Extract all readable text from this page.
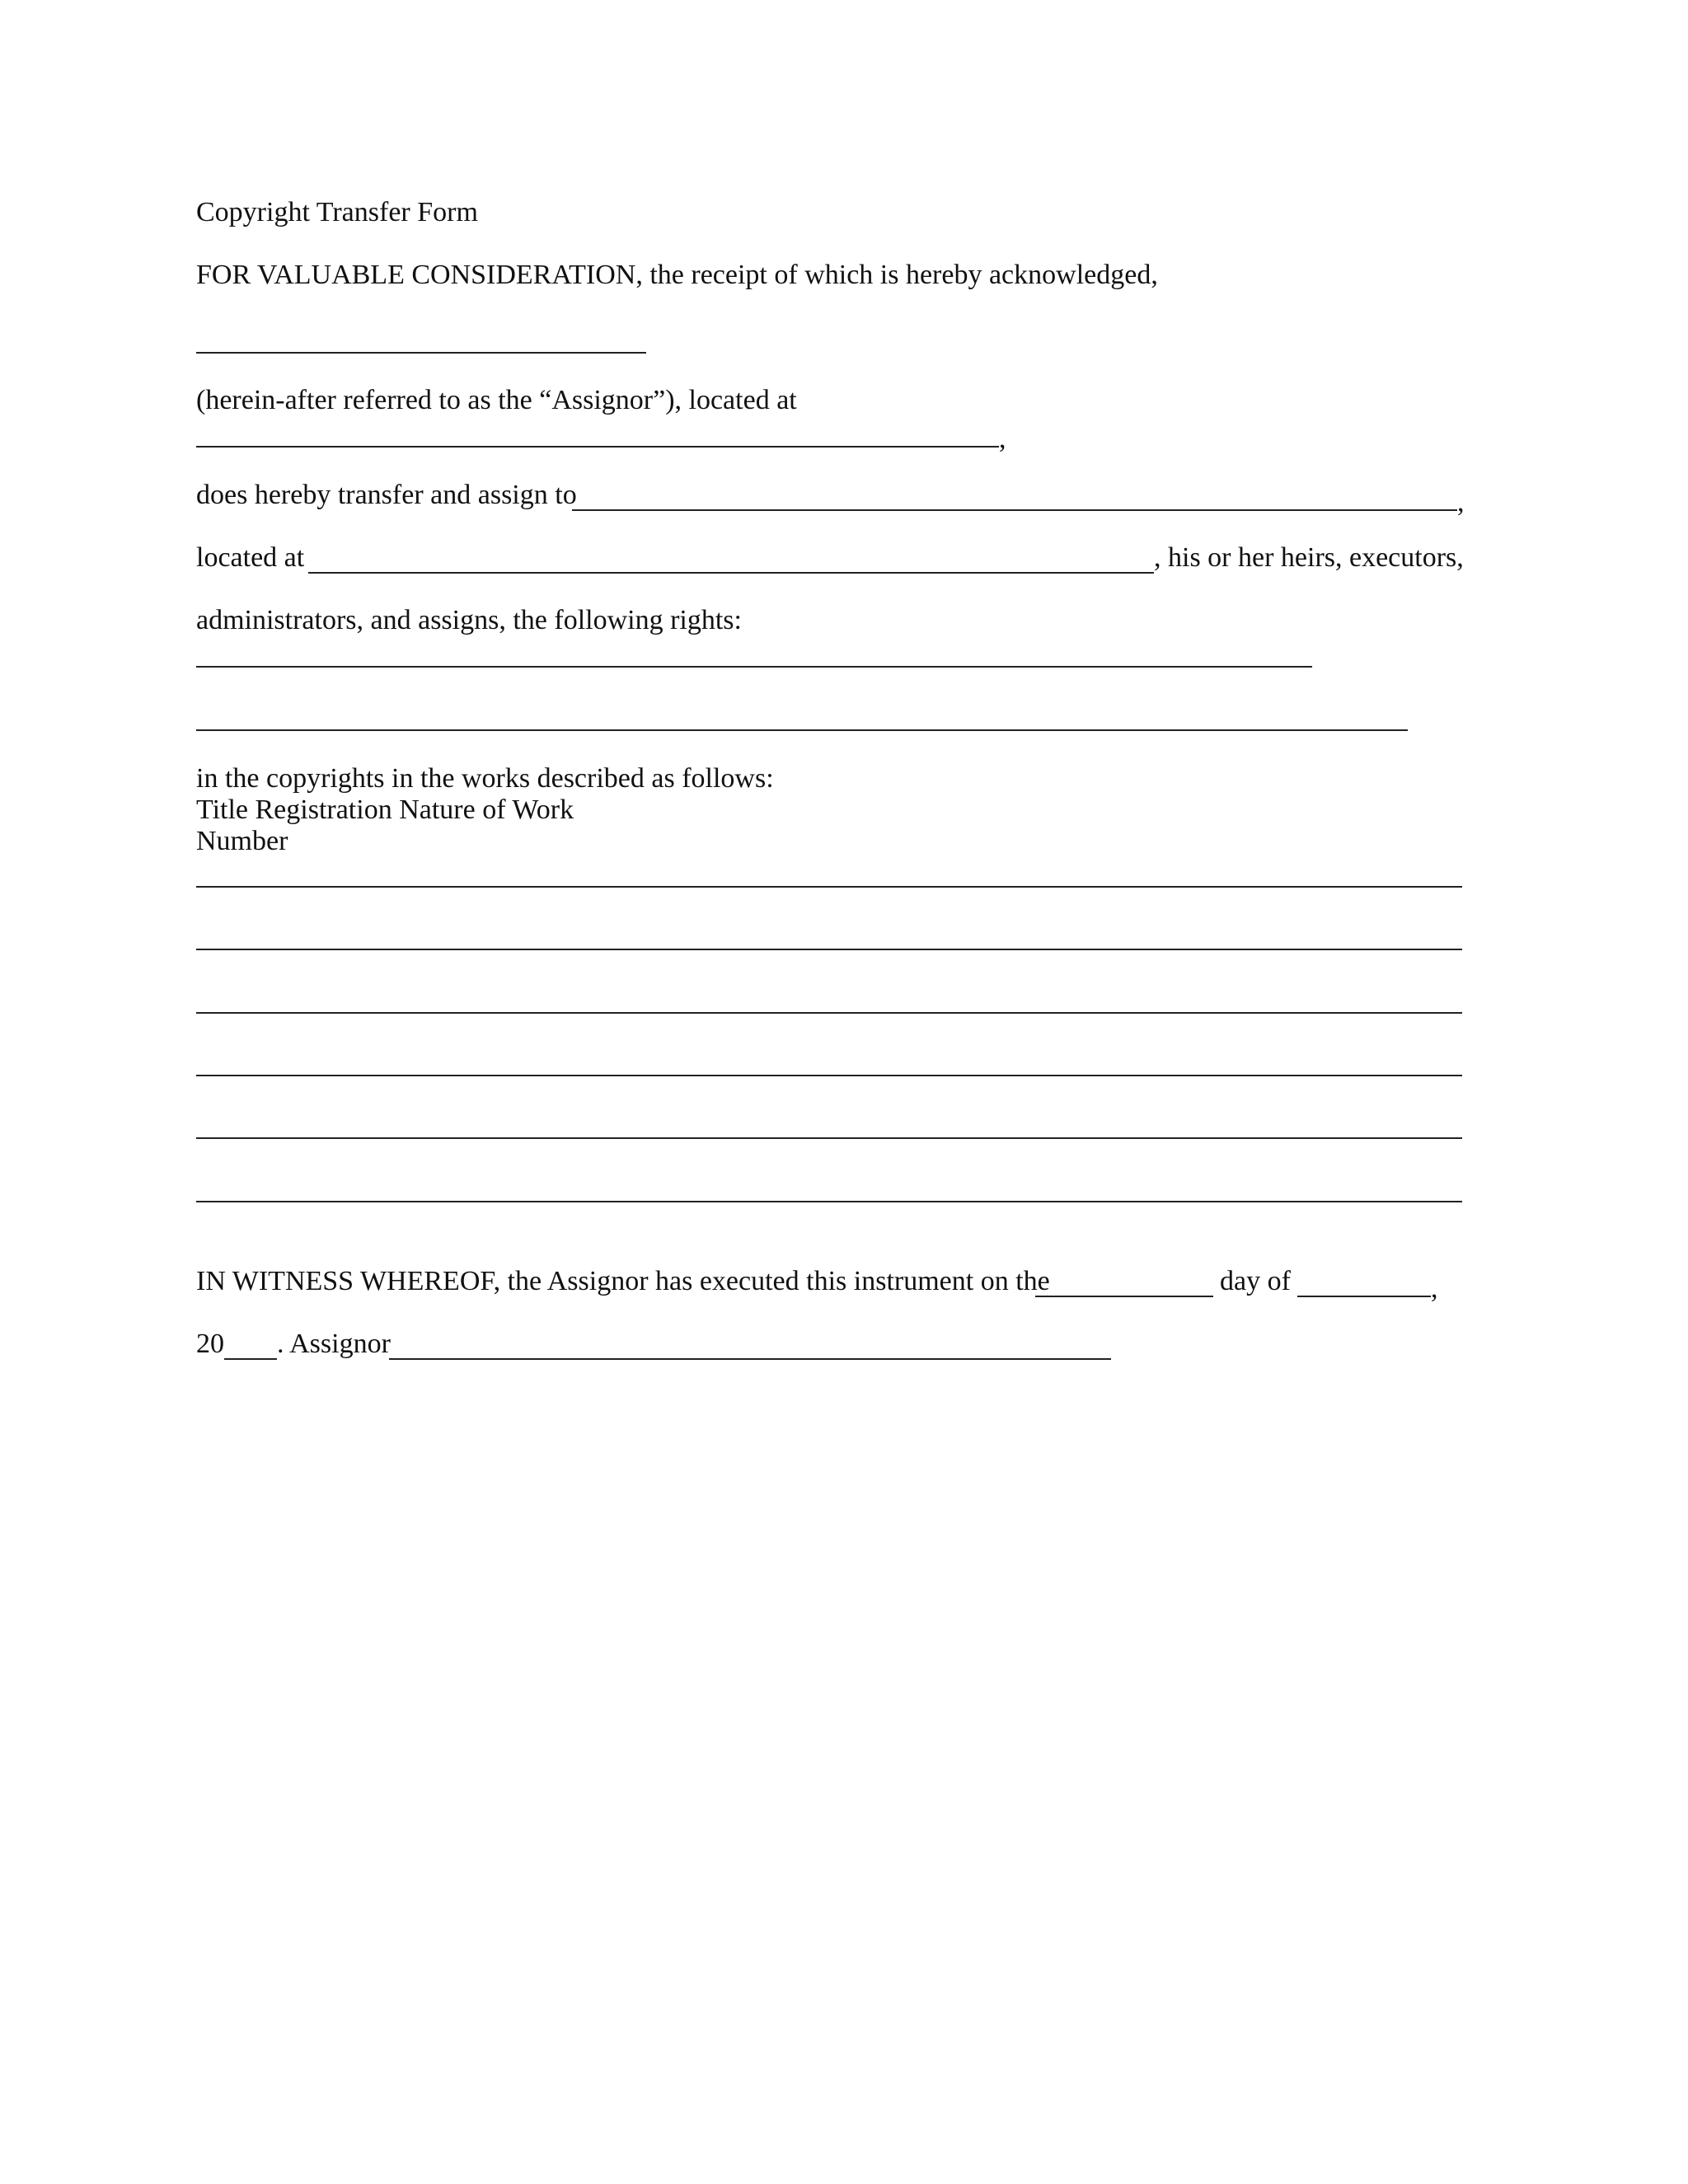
Copyright Transfer Form
FOR VALUABLE CONSIDERATION, the receipt of which is hereby acknowledged,
(herein-after referred to as the “Assignor”), located at
,
does hereby transfer and assign to	,
located at	, his or her heirs, executors,
administrators, and assigns, the following rights:
in the copyrights in the works described as follows:
Title Registration Nature of Work
Number
IN WITNESS WHEREOF, the Assignor has executed this instrument on the	day of	,
20 . Assignor
